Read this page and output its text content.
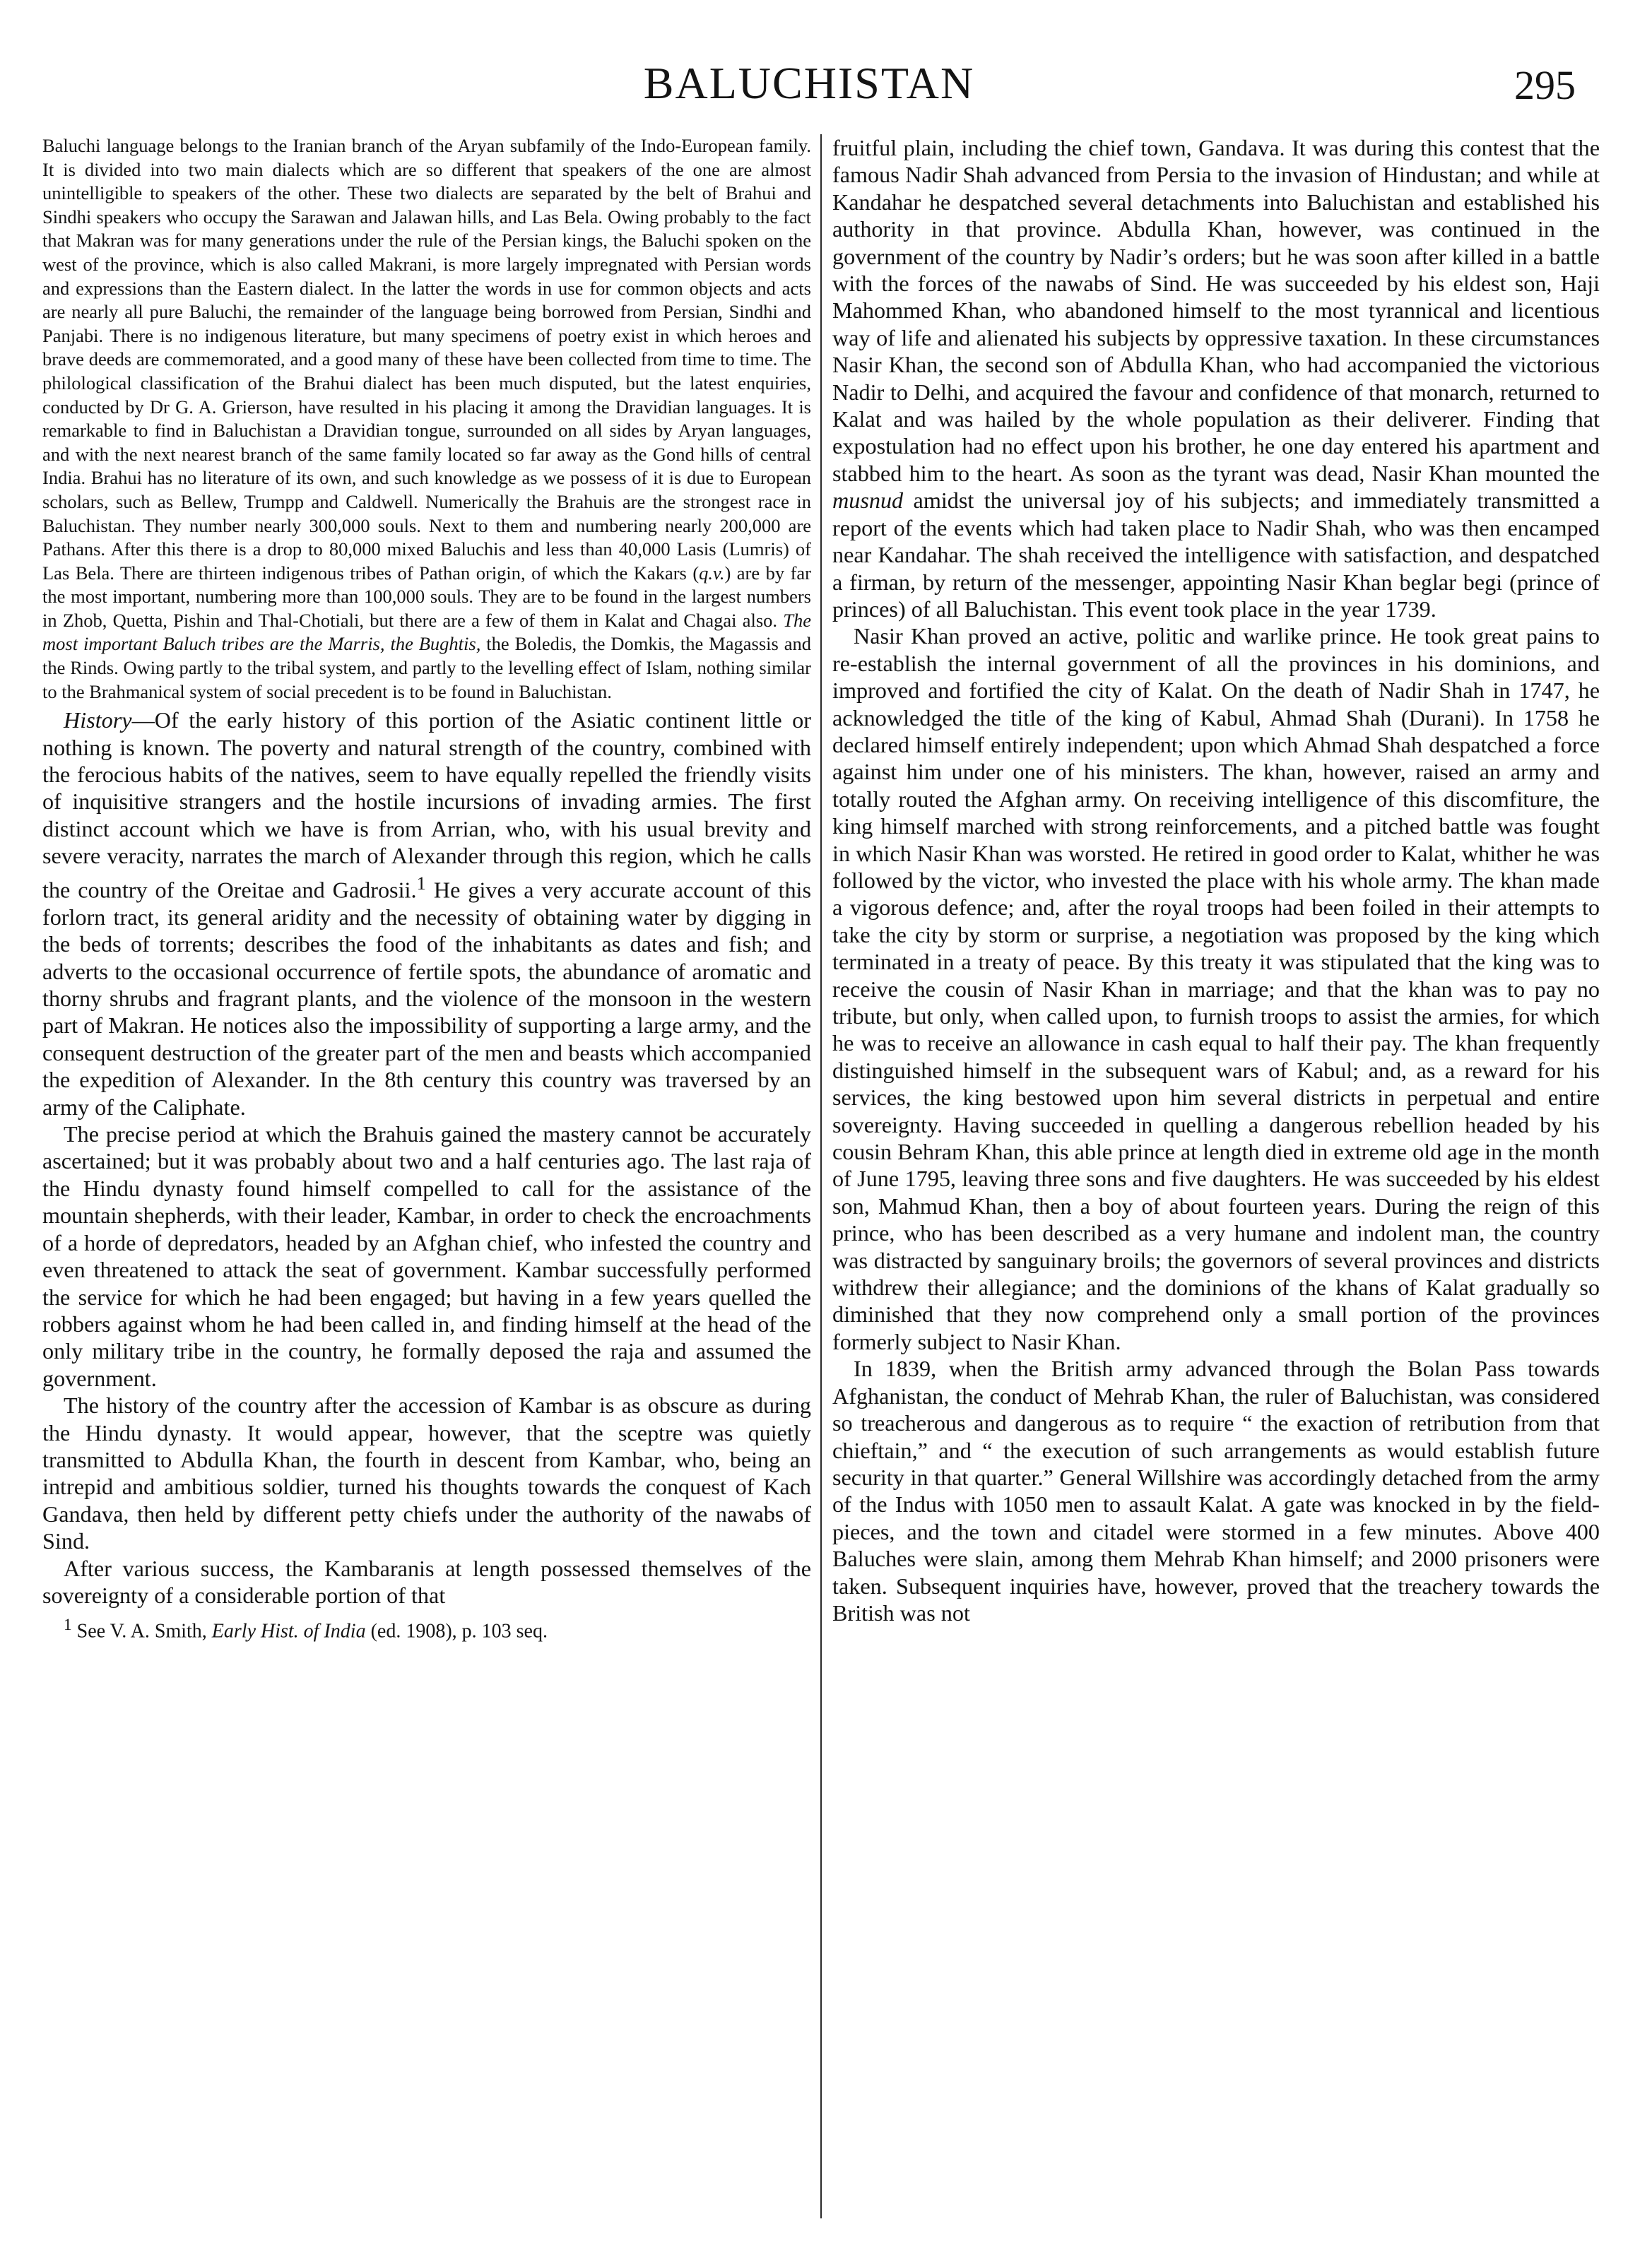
BALUCHISTAN	295

Baluchi language belongs to the Iranian branch of the Aryan subfamily of the Indo-European family. It is divided into two main dialects which are so different that speakers of the one are almost unintelligible to speakers of the other. These two dialects are separated by the belt of Brahui and Sindhi speakers who occupy the Sarawan and Jalawan hills, and Las Bela. Owing probably to the fact that Makran was for many generations under the rule of the Persian kings, the Baluchi spoken on the west of the province, which is also called Makrani, is more largely impregnated with Persian words and expressions than the Eastern dialect. In the latter the words in use for common objects and acts are nearly all pure Baluchi, the remainder of the language being borrowed from Persian, Sindhi and Panjabi. There is no indigenous literature, but many specimens of poetry exist in which heroes and brave deeds are commemorated, and a good many of these have been collected from time to time. The philological classification of the Brahui dialect has been much disputed, but the latest enquiries, conducted by Dr G. A. Grierson, have resulted in his placing it among the Dravidian languages. It is remarkable to find in Baluchistan a Dravidian tongue, surrounded on all sides by Aryan languages, and with the next nearest branch of the same family located so far away as the Gond hills of central India. Brahui has no literature of its own, and such knowledge as we possess of it is due to European scholars, such as Bellew, Trumpp and Caldwell. Numerically the Brahuis are the strongest race in Baluchistan. They number nearly 300,000 souls. Next to them and numbering nearly 200,000 are Pathans. After this there is a drop to 80,000 mixed Baluchis and less than 40,000 Lasis (Lumris) of Las Bela. There are thirteen indigenous tribes of Pathan origin, of which the Kakars (q.v.) are by far the most important, numbering more than 100,000 souls. They are to be found in the largest numbers in Zhob, Quetta, Pishin and Thal-Chotiali, but there are a few of them in Kalat and Chagai also. The most important Baluch tribes are the Marris, the Bughtis, the Boledis, the Domkis, the Magassis and the Rinds. Owing partly to the tribal system, and partly to the levelling effect of Islam, nothing similar to the Brahmanical system of social precedent is to be found in Baluchistan.

History—Of the early history of this portion of the Asiatic continent little or nothing is known. The poverty and natural strength of the country, combined with the ferocious habits of the natives, seem to have equally repelled the friendly visits of inquisitive strangers and the hostile incursions of invading armies. The first distinct account which we have is from Arrian, who, with his usual brevity and severe veracity, narrates the march of Alexander through this region, which he calls the country of the Oreitae and Gadrosii.$^1$ He gives a very accurate account of this forlorn tract, its general aridity and the necessity of obtaining water by digging in the beds of torrents; describes the food of the inhabitants as dates and fish; and adverts to the occasional occurrence of fertile spots, the abundance of aromatic and thorny shrubs and fragrant plants, and the violence of the monsoon in the western part of Makran. He notices also the impossibility of supporting a large army, and the consequent destruction of the greater part of the men and beasts which accompanied the expedition of Alexander. In the 8th century this country was traversed by an army of the Caliphate.

The precise period at which the Brahuis gained the mastery cannot be accurately ascertained; but it was probably about two and a half centuries ago. The last raja of the Hindu dynasty found himself compelled to call for the assistance of the mountain shepherds, with their leader, Kambar, in order to check the encroachments of a horde of depredators, headed by an Afghan chief, who infested the country and even threatened to attack the seat of government. Kambar successfully performed the service for which he had been engaged; but having in a few years quelled the robbers against whom he had been called in, and finding himself at the head of the only military tribe in the country, he formally deposed the raja and assumed the government.

The history of the country after the accession of Kambar is as obscure as during the Hindu dynasty. It would appear, however, that the sceptre was quietly transmitted to Abdulla Khan, the fourth in descent from Kambar, who, being an intrepid and ambitious soldier, turned his thoughts towards the conquest of Kach Gandava, then held by different petty chiefs under the authority of the nawabs of Sind.

After various success, the Kambaranis at length possessed themselves of the sovereignty of a considerable portion of that

$^1$ See V. A. Smith, Early Hist. of India (ed. 1908), p. 103 seq.

fruitful plain, including the chief town, Gandava. It was during this contest that the famous Nadir Shah advanced from Persia to the invasion of Hindustan; and while at Kandahar he despatched several detachments into Baluchistan and established his authority in that province. Abdulla Khan, however, was continued in the government of the country by Nadir’s orders; but he was soon after killed in a battle with the forces of the nawabs of Sind. He was succeeded by his eldest son, Haji Mahommed Khan, who abandoned himself to the most tyrannical and licentious way of life and alienated his subjects by oppressive taxation. In these circumstances Nasir Khan, the second son of Abdulla Khan, who had accompanied the victorious Nadir to Delhi, and acquired the favour and confidence of that monarch, returned to Kalat and was hailed by the whole population as their deliverer. Finding that expostulation had no effect upon his brother, he one day entered his apartment and stabbed him to the heart. As soon as the tyrant was dead, Nasir Khan mounted the musnud amidst the universal joy of his subjects; and immediately transmitted a report of the events which had taken place to Nadir Shah, who was then encamped near Kandahar. The shah received the intelligence with satisfaction, and despatched a firman, by return of the messenger, appointing Nasir Khan beglar begi (prince of princes) of all Baluchistan. This event took place in the year 1739.

Nasir Khan proved an active, politic and warlike prince. He took great pains to re-establish the internal government of all the provinces in his dominions, and improved and fortified the city of Kalat. On the death of Nadir Shah in 1747, he acknowledged the title of the king of Kabul, Ahmad Shah (Durani). In 1758 he declared himself entirely independent; upon which Ahmad Shah despatched a force against him under one of his ministers. The khan, however, raised an army and totally routed the Afghan army. On receiving intelligence of this discomfiture, the king himself marched with strong reinforcements, and a pitched battle was fought in which Nasir Khan was worsted. He retired in good order to Kalat, whither he was followed by the victor, who invested the place with his whole army. The khan made a vigorous defence; and, after the royal troops had been foiled in their attempts to take the city by storm or surprise, a negotiation was proposed by the king which terminated in a treaty of peace. By this treaty it was stipulated that the king was to receive the cousin of Nasir Khan in marriage; and that the khan was to pay no tribute, but only, when called upon, to furnish troops to assist the armies, for which he was to receive an allowance in cash equal to half their pay. The khan frequently distinguished himself in the subsequent wars of Kabul; and, as a reward for his services, the king bestowed upon him several districts in perpetual and entire sovereignty. Having succeeded in quelling a dangerous rebellion headed by his cousin Behram Khan, this able prince at length died in extreme old age in the month of June 1795, leaving three sons and five daughters. He was succeeded by his eldest son, Mahmud Khan, then a boy of about fourteen years. During the reign of this prince, who has been described as a very humane and indolent man, the country was distracted by sanguinary broils; the governors of several provinces and districts withdrew their allegiance; and the dominions of the khans of Kalat gradually so diminished that they now comprehend only a small portion of the provinces formerly subject to Nasir Khan.

In 1839, when the British army advanced through the Bolan Pass towards Afghanistan, the conduct of Mehrab Khan, the ruler of Baluchistan, was considered so treacherous and dangerous as to require “ the exaction of retribution from that chieftain,” and “ the execution of such arrangements as would establish future security in that quarter.” General Willshire was accordingly detached from the army of the Indus with 1050 men to assault Kalat. A gate was knocked in by the field-pieces, and the town and citadel were stormed in a few minutes. Above 400 Baluches were slain, among them Mehrab Khan himself; and 2000 prisoners were taken. Subsequent inquiries have, however, proved that the treachery towards the British was not
